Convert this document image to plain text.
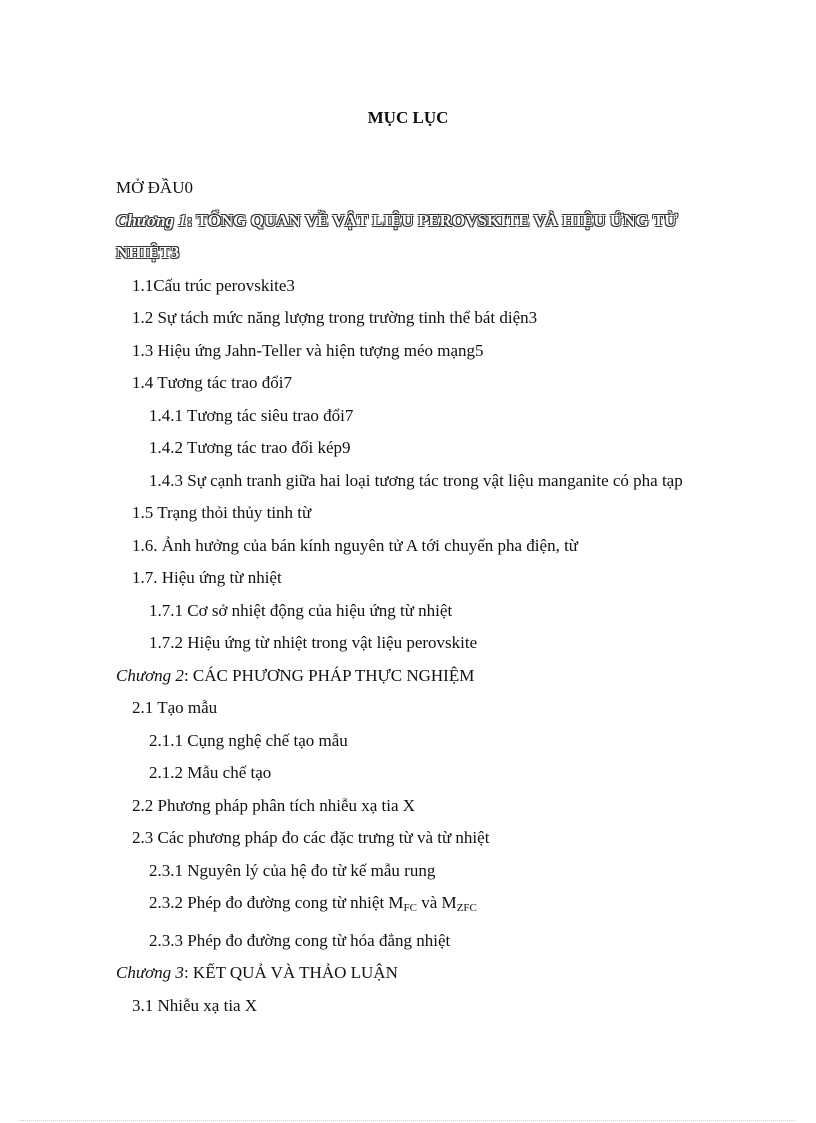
MỤC LỤC
MỞ ĐẦU0
Chương 1: TỔNG QUAN VỀ VẬT LIỆU PEROVSKITE VÀ HIỆU ỨNG TỪ NHIỆT3
1.1Cấu trúc perovskite3
1.2 Sự tách mức năng lượng trong trường tinh thể bát diện3
1.3 Hiệu ứng Jahn-Teller và hiện tượng méo mạng5
1.4 Tương tác trao đổi7
1.4.1 Tương tác siêu trao đổi7
1.4.2 Tương tác trao đổi kép9
1.4.3 Sự cạnh tranh giữa hai loại tương tác trong vật liệu manganite có pha tạp
1.5 Trạng thỏi thủy tinh từ
1.6. Ảnh hưởng của bán kính nguyên tử A tới chuyển pha điện, từ
1.7. Hiệu ứng từ nhiệt
1.7.1 Cơ sở nhiệt động của hiệu ứng từ nhiệt
1.7.2 Hiệu ứng từ nhiệt trong vật liệu perovskite
Chương 2: CÁC PHƯƠNG PHÁP THỰC NGHIỆM
2.1 Tạo mẫu
2.1.1 Cụng nghệ chế tạo mẫu
2.1.2 Mẫu chế tạo
2.2 Phương pháp phân tích nhiễu xạ tia X
2.3 Các phương pháp đo các đặc trưng từ và từ nhiệt
2.3.1 Nguyên lý của hệ đo từ kế mẫu rung
2.3.2 Phép đo đường cong từ nhiệt $M_{FC}$ và $M_{ZFC}$
2.3.3 Phép đo đường cong từ hóa đẳng nhiệt
Chương 3: KẾT QUẢ VÀ THẢO LUẬN
3.1 Nhiễu xạ tia X
